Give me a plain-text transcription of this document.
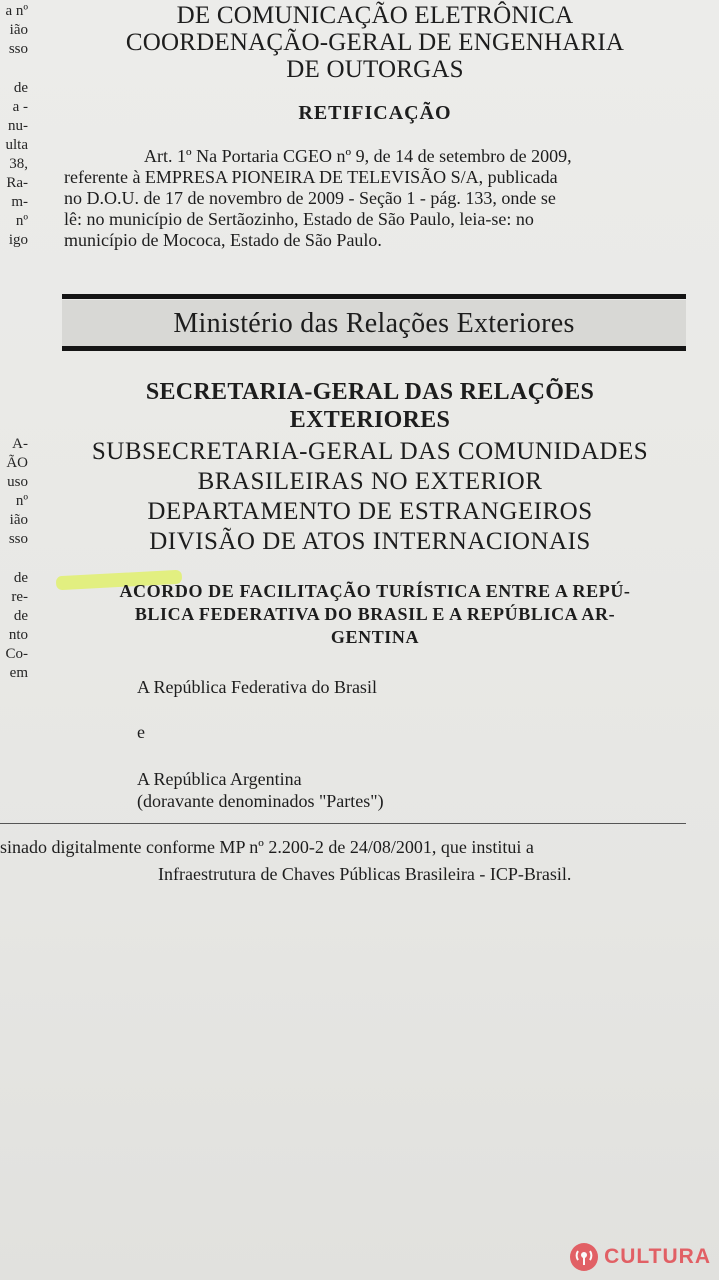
a nº
ião
sso
de
a -
nu-
ulta
38,
Ra-
m-
nº
igo
A-
ÃO
uso
nº
ião
sso
de
re-
de
nto
Co-
em
DE COMUNICAÇÃO ELETRÔNICA
COORDENAÇÃO-GERAL DE ENGENHARIA
DE OUTORGAS
RETIFICAÇÃO
Art. 1º Na Portaria CGEO nº 9, de 14 de setembro de 2009,
referente à EMPRESA PIONEIRA DE TELEVISÃO S/A, publicada
no D.O.U. de 17 de novembro de 2009 - Seção 1 - pág. 133, onde se
lê: no município de Sertãozinho, Estado de São Paulo, leia-se: no
município de Mococa, Estado de São Paulo.
Ministério das Relações Exteriores
SECRETARIA-GERAL DAS RELAÇÕES
EXTERIORES
SUBSECRETARIA-GERAL DAS COMUNIDADES
BRASILEIRAS NO EXTERIOR
DEPARTAMENTO DE ESTRANGEIROS
DIVISÃO DE ATOS INTERNACIONAIS
ACORDO DE FACILITAÇÃO TURÍSTICA ENTRE A REPÚ-
BLICA FEDERATIVA DO BRASIL E A REPÚBLICA AR-
GENTINA
A República Federativa do Brasil
e
A República Argentina
(doravante denominados "Partes")
sinado digitalmente conforme MP nº 2.200-2 de 24/08/2001, que institui a
Infraestrutura de Chaves Públicas Brasileira - ICP-Brasil.
CULTURA
